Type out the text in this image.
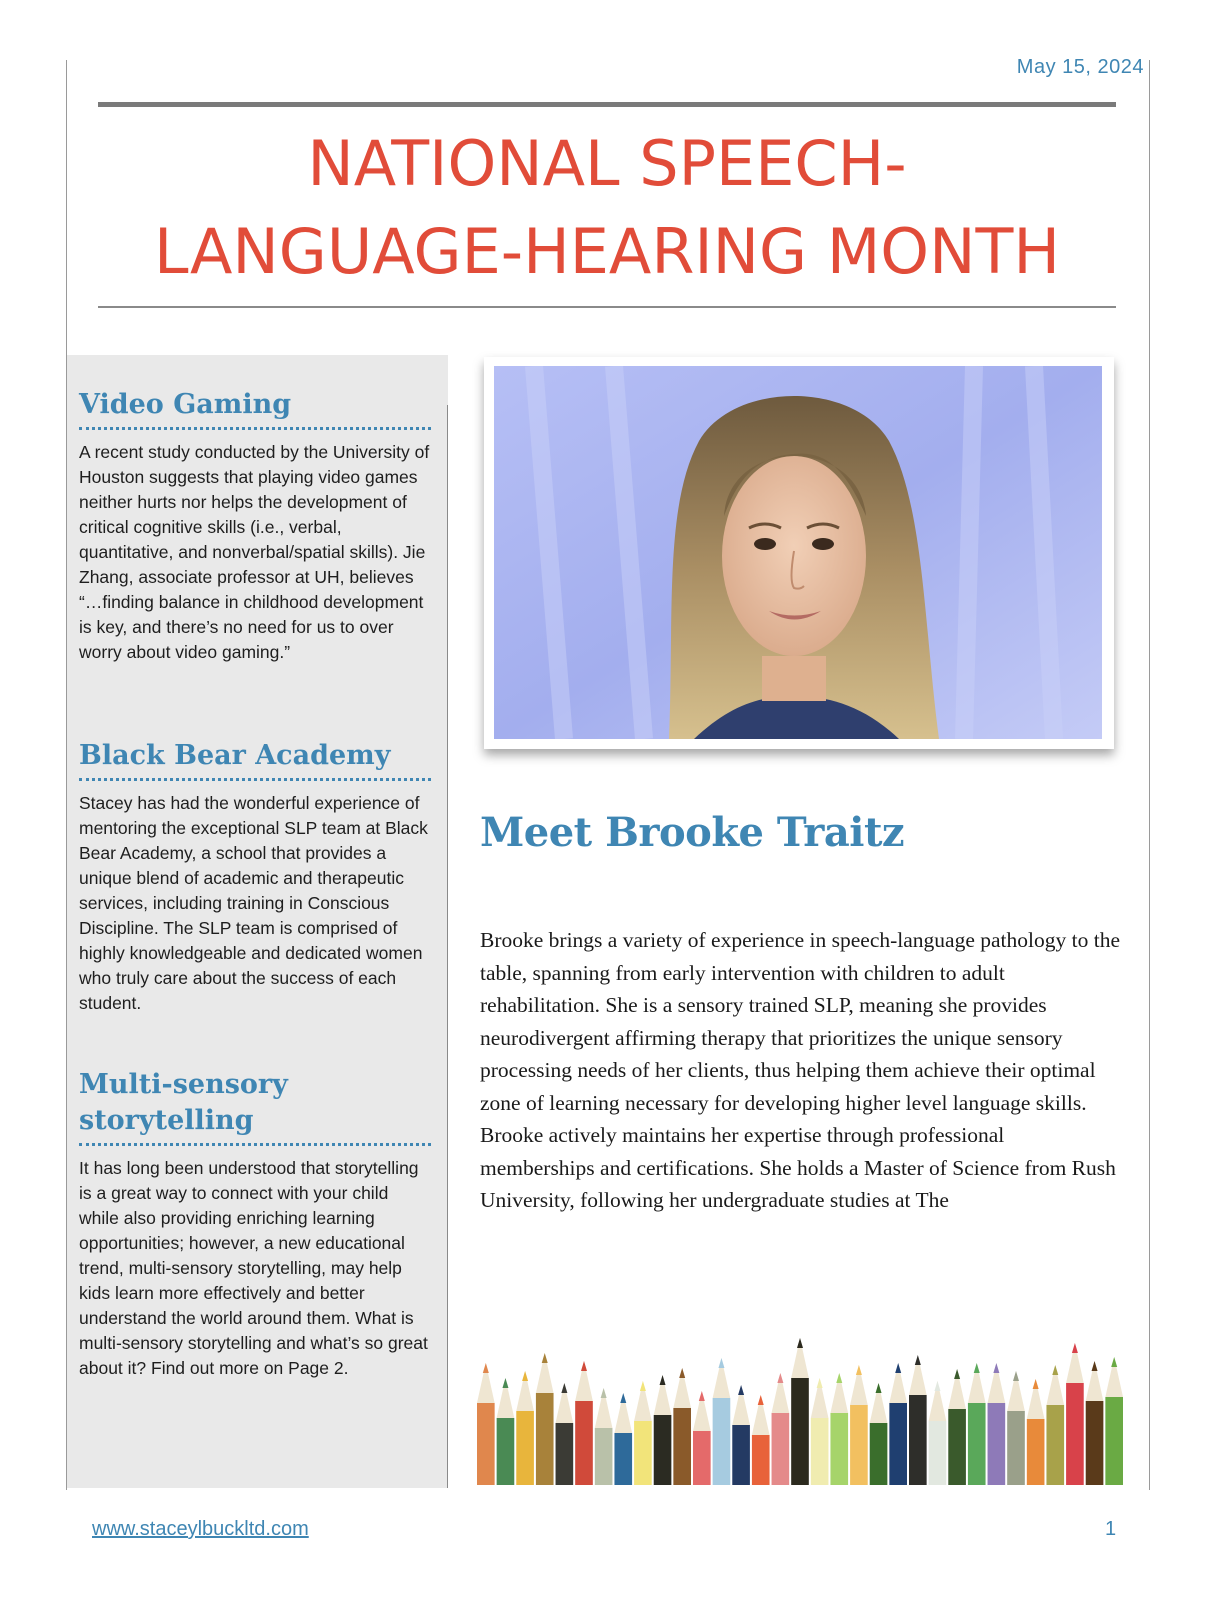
May 15, 2024
NATIONAL SPEECH-
LANGUAGE-HEARING MONTH
Video Gaming

A recent study conducted by the University of Houston suggests that playing video games neither hurts nor helps the development of critical cognitive skills (i.e., verbal, quantitative, and nonverbal/spatial skills). Jie Zhang, associate professor at UH, believes “…finding balance in childhood development is key, and there’s no need for us to over worry about video gaming.”

Black Bear Academy

Stacey has had the wonderful experience of mentoring the exceptional SLP team at Black Bear Academy, a school that provides a unique blend of academic and therapeutic services, including training in Conscious Discipline. The SLP team is comprised of highly knowledgeable and dedicated women who truly care about the success of each student.

Multi-sensory storytelling

It has long been understood that storytelling is a great way to connect with your child while also providing enriching learning opportunities; however, a new educational trend, multi-sensory storytelling, may help kids learn more effectively and better understand the world around them. What is multi-sensory storytelling and what’s so great about it? Find out more on Page 2.

Meet Brooke Traitz

Brooke brings a variety of experience in speech-language pathology to the table, spanning from early intervention with children to adult rehabilitation. She is a sensory trained SLP, meaning she provides neurodivergent affirming therapy that prioritizes the unique sensory processing needs of her clients, thus helping them achieve their optimal zone of learning necessary for developing higher level language skills. Brooke actively maintains her expertise through professional memberships and certifications. She holds a Master of Science from Rush University, following her undergraduate studies at The

www.staceylbuckltd.com	1
